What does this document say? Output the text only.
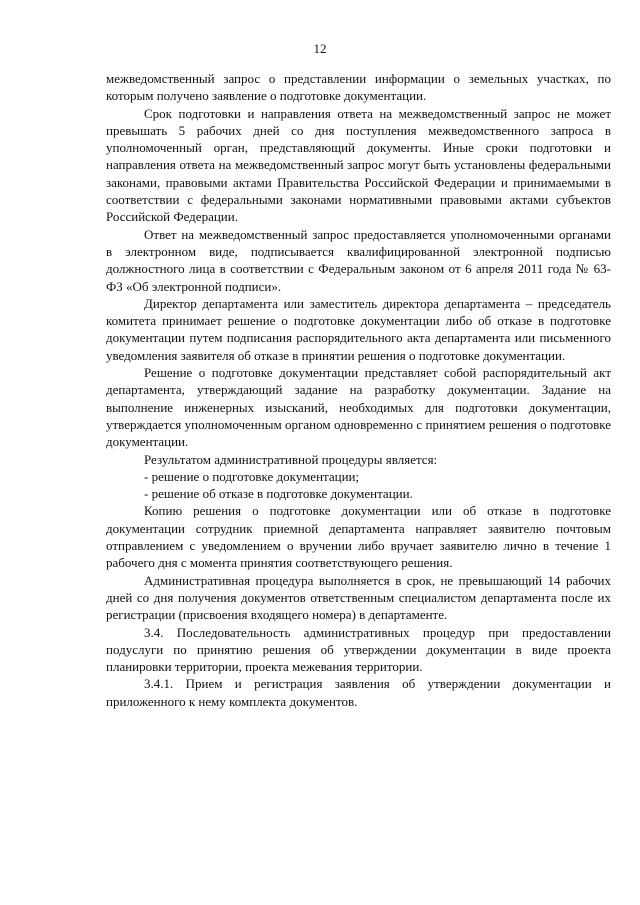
12

межведомственный запрос о представлении информации о земельных участках, по которым получено заявление о подготовке документации.

Срок подготовки и направления ответа на межведомственный запрос не может превышать 5 рабочих дней со дня поступления межведомственного запроса в уполномоченный орган, представляющий документы. Иные сроки подготовки и направления ответа на межведомственный запрос могут быть установлены федеральными законами, правовыми актами Правительства Российской Федерации и принимаемыми в соответствии с федеральными законами нормативными правовыми актами субъектов Российской Федерации.

Ответ на межведомственный запрос предоставляется уполномоченными органами в электронном виде, подписывается квалифицированной электронной подписью должностного лица в соответствии с Федеральным законом от 6 апреля 2011 года № 63-ФЗ «Об электронной подписи».

Директор департамента или заместитель директора департамента – председатель комитета принимает решение о подготовке документации либо об отказе в подготовке документации путем подписания распорядительного акта департамента или письменного уведомления заявителя об отказе в принятии решения о подготовке документации.

Решение о подготовке документации представляет собой распорядительный акт департамента, утверждающий задание на разработку документации. Задание на выполнение инженерных изысканий, необходимых для подготовки документации, утверждается уполномоченным органом одновременно с принятием решения о подготовке документации.

Результатом административной процедуры является:

- решение о подготовке документации;

- решение об отказе в подготовке документации.

Копию решения о подготовке документации или об отказе в подготовке документации сотрудник приемной департамента направляет заявителю почтовым отправлением с уведомлением о вручении либо вручает заявителю лично в течение 1 рабочего дня с момента принятия соответствующего решения.

Административная процедура выполняется в срок, не превышающий 14 рабочих дней со дня получения документов ответственным специалистом департамента после их регистрации (присвоения входящего номера) в департаменте.

3.4. Последовательность административных процедур при предоставлении подуслуги по принятию решения об утверждении документации в виде проекта планировки территории, проекта межевания территории.

3.4.1. Прием и регистрация заявления об утверждении документации и приложенного к нему комплекта документов.
